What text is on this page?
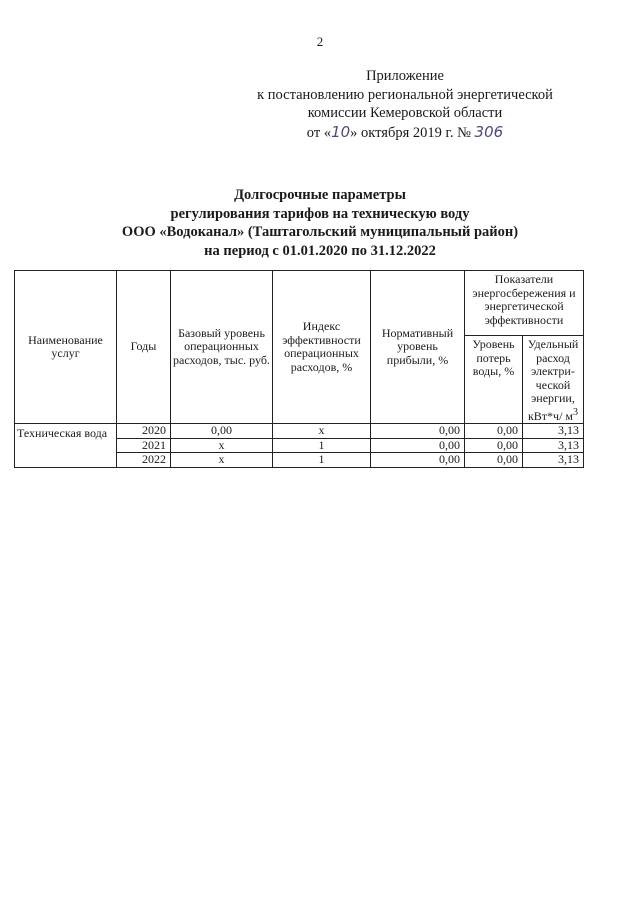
2
Приложение
к постановлению региональной энергетической
комиссии Кемеровской области
от «10» октября 2019 г. № 306
Долгосрочные параметры
регулирования тарифов на техническую воду
ООО «Водоканал» (Таштагольский муниципальный район)
на период с 01.01.2020 по 31.12.2022
Наименование услуг	Годы	Базовый уровень операционных расходов, тыс. руб.	Индекс эффективности операционных расходов, %	Нормативный уровень прибыли, %	Показатели энергосбережения и энергетической эффективности	
					Уровень потерь воды, %	Удельный расход электри-ческой энергии, кВт*ч/ $м^3$
Техническая вода	2020	0,00	х	0,00	0,00	3,13
	2021	х	1	0,00	0,00	3,13
	2022	х	1	0,00	0,00	3,13
